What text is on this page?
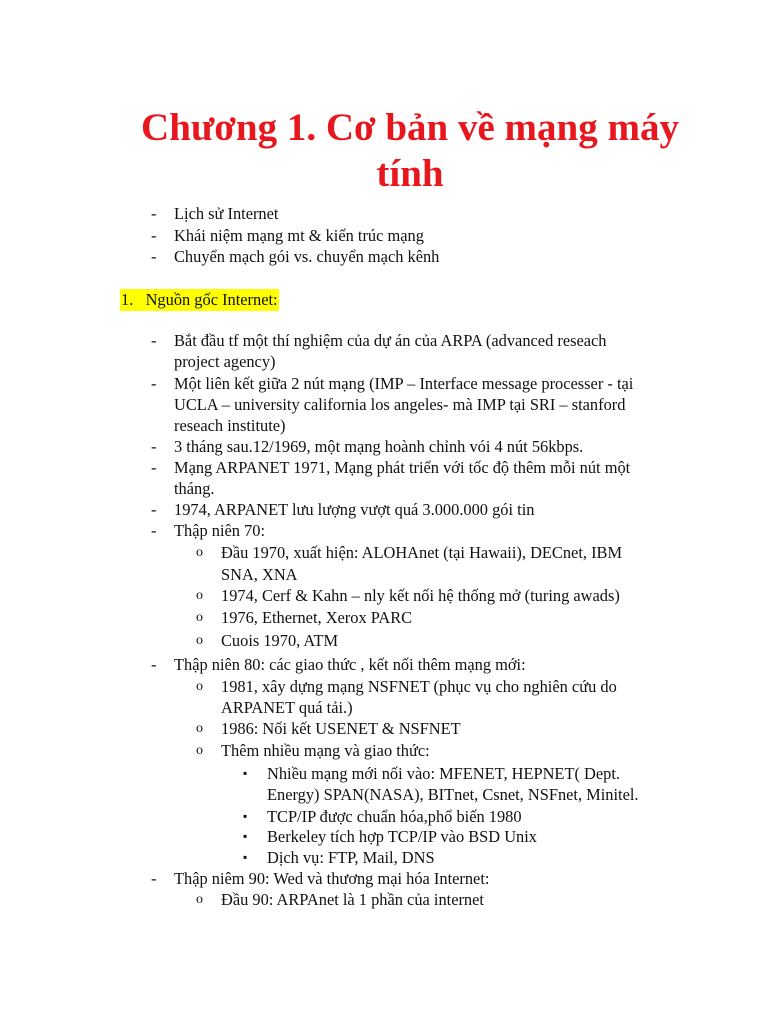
Chương 1. Cơ bản về mạng máy
tính
- Lịch sử Internet
- Khái niệm mạng mt & kiến trúc mạng
- Chuyển mạch gói vs. chuyển mạch kênh
1. Nguồn gốc Internet:
- Bắt đầu tf một thí nghiệm của dự án của ARPA (advanced reseach
project agency)
- Một liên kết giữa 2 nút mạng (IMP – Interface message processer - tại
UCLA – university california los angeles- mà IMP tại SRI – stanford
reseach institute)
- 3 tháng sau.12/1969, một mạng hoành chỉnh vói 4 nút 56kbps.
- Mạng ARPANET 1971, Mạng phát triển với tốc độ thêm mỗi nút một
tháng.
- 1974, ARPANET lưu lượng vượt quá 3.000.000 gói tin
- Thập niên 70:
o Đầu 1970, xuất hiện: ALOHAnet (tại Hawaii), DECnet, IBM
SNA, XNA
o 1974, Cerf & Kahn – nly kết nối hệ thống mở (turing awads)
o 1976, Ethernet, Xerox PARC
o Cuois 1970, ATM
- Thập niên 80: các giao thức , kết nối thêm mạng mới:
o 1981, xây dựng mạng NSFNET (phục vụ cho nghiên cứu do
ARPANET quá tải.)
o 1986: Nối kết USENET & NSFNET
o Thêm nhiều mạng và giao thức:
▪ Nhiều mạng mới nối vào: MFENET, HEPNET( Dept.
Energy) SPAN(NASA), BITnet, Csnet, NSFnet, Minitel.
▪ TCP/IP được chuẩn hóa,phổ biến 1980
▪ Berkeley tích hợp TCP/IP vào BSD Unix
▪ Dịch vụ: FTP, Mail, DNS
- Thập niêm 90: Wed và thương mại hóa Internet:
o Đầu 90: ARPAnet là 1 phần của internet
